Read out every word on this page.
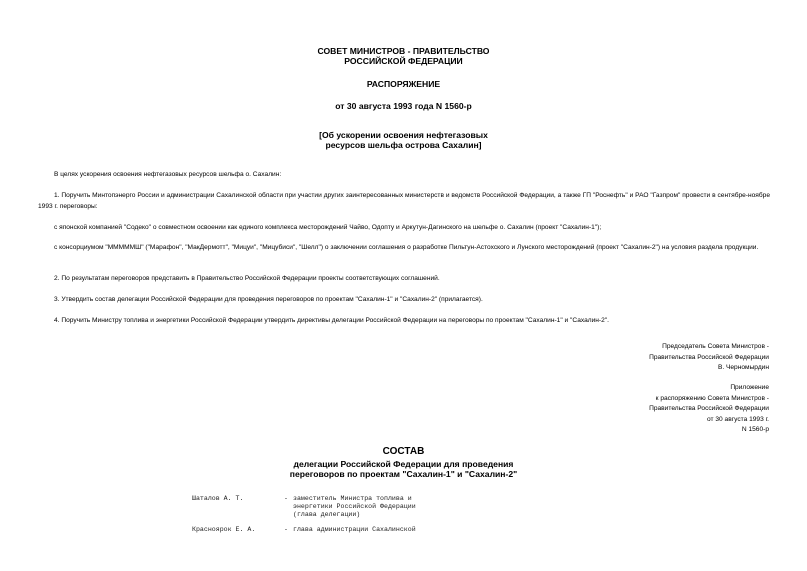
СОВЕТ МИНИСТРОВ - ПРАВИТЕЛЬСТВО
РОССИЙСКОЙ ФЕДЕРАЦИИ
РАСПОРЯЖЕНИЕ
от 30 августа 1993 года N 1560-р
[Об ускорении освоения нефтегазовых
ресурсов шельфа острова Сахалин]
В целях ускорения освоения нефтегазовых ресурсов шельфа о. Сахалин:
1. Поручить Минтопэнерго России и администрации Сахалинской области при участии других заинтересованных министерств и ведомств Российской Федерации, а также ГП "Роснефть" и РАО "Газпром" провести в сентябре-ноябре 1993 г. переговоры:
с японской компанией "Содеко" о совместном освоении как единого комплекса месторождений Чайво, Одопту и Аркутун-Дагинского на шельфе о. Сахалин (проект "Сахалин-1");
с консорциумом "МММММШ" ("Марафон", "МакДермотт", "Мицуи", "Мицубиси", "Шелл") о заключении соглашения о разработке Пильтун-Астохского и Лунского месторождений (проект "Сахалин-2") на условия раздела продукции.
2. По результатам переговоров представить в Правительство Российской Федерации проекты соответствующих соглашений.
3. Утвердить состав делегации Российской Федерации для проведения переговоров по проектам "Сахалин-1" и "Сахалин-2" (прилагается).
4. Поручить Министру топлива и энергетики Российской Федерации утвердить директивы делегации Российской Федерации на переговоры по проектам "Сахалин-1" и "Сахалин-2".
Председатель Совета Министров -
Правительства Российской Федерации
В. Черномырдин
Приложение
к распоряжению Совета Министров -
Правительства Российской Федерации
от 30 августа 1993 г.
N 1560-р
СОСТАВ
делегации Российской Федерации для проведения
переговоров по проектам "Сахалин-1" и "Сахалин-2"
Шаталов А. Т.	- заместитель Министра топлива и
энергетики Российской Федерации
(глава делегации)
Красноярок Е. А.	- глава администрации Сахалинской
